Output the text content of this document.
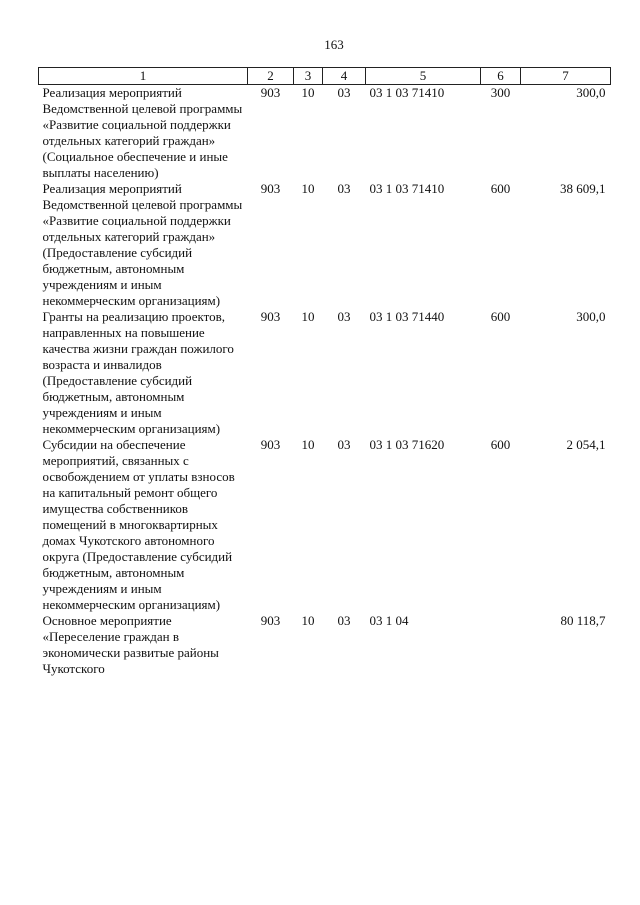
163
1	2	3	4	5	6	7
Реализация мероприятий Ведомственной целевой программы «Развитие социальной поддержки отдельных категорий граждан» (Социальное обеспечение и иные выплаты населению)	903	10	03	03 1 03 71410	300	300,0
Реализация мероприятий Ведомственной целевой программы «Развитие социальной поддержки отдельных категорий граждан» (Предоставление субсидий бюджетным, автономным учреждениям и иным некоммерческим организациям)	903	10	03	03 1 03 71410	600	38 609,1
Гранты на реализацию проектов, направленных на повышение качества жизни граждан пожилого возраста и инвалидов (Предоставление субсидий бюджетным, автономным учреждениям и иным некоммерческим организациям)	903	10	03	03 1 03 71440	600	300,0
Субсидии на обеспечение мероприятий, связанных с освобождением от уплаты взносов на капитальный ремонт общего имущества собственников помещений в многоквартирных домах Чукотского автономного округа (Предоставление субсидий бюджетным, автономным учреждениям и иным некоммерческим организациям)	903	10	03	03 1 03 71620	600	2 054,1
Основное мероприятие «Переселение граждан в экономически развитые районы Чукотского	903	10	03	03 1 04		80 118,7
